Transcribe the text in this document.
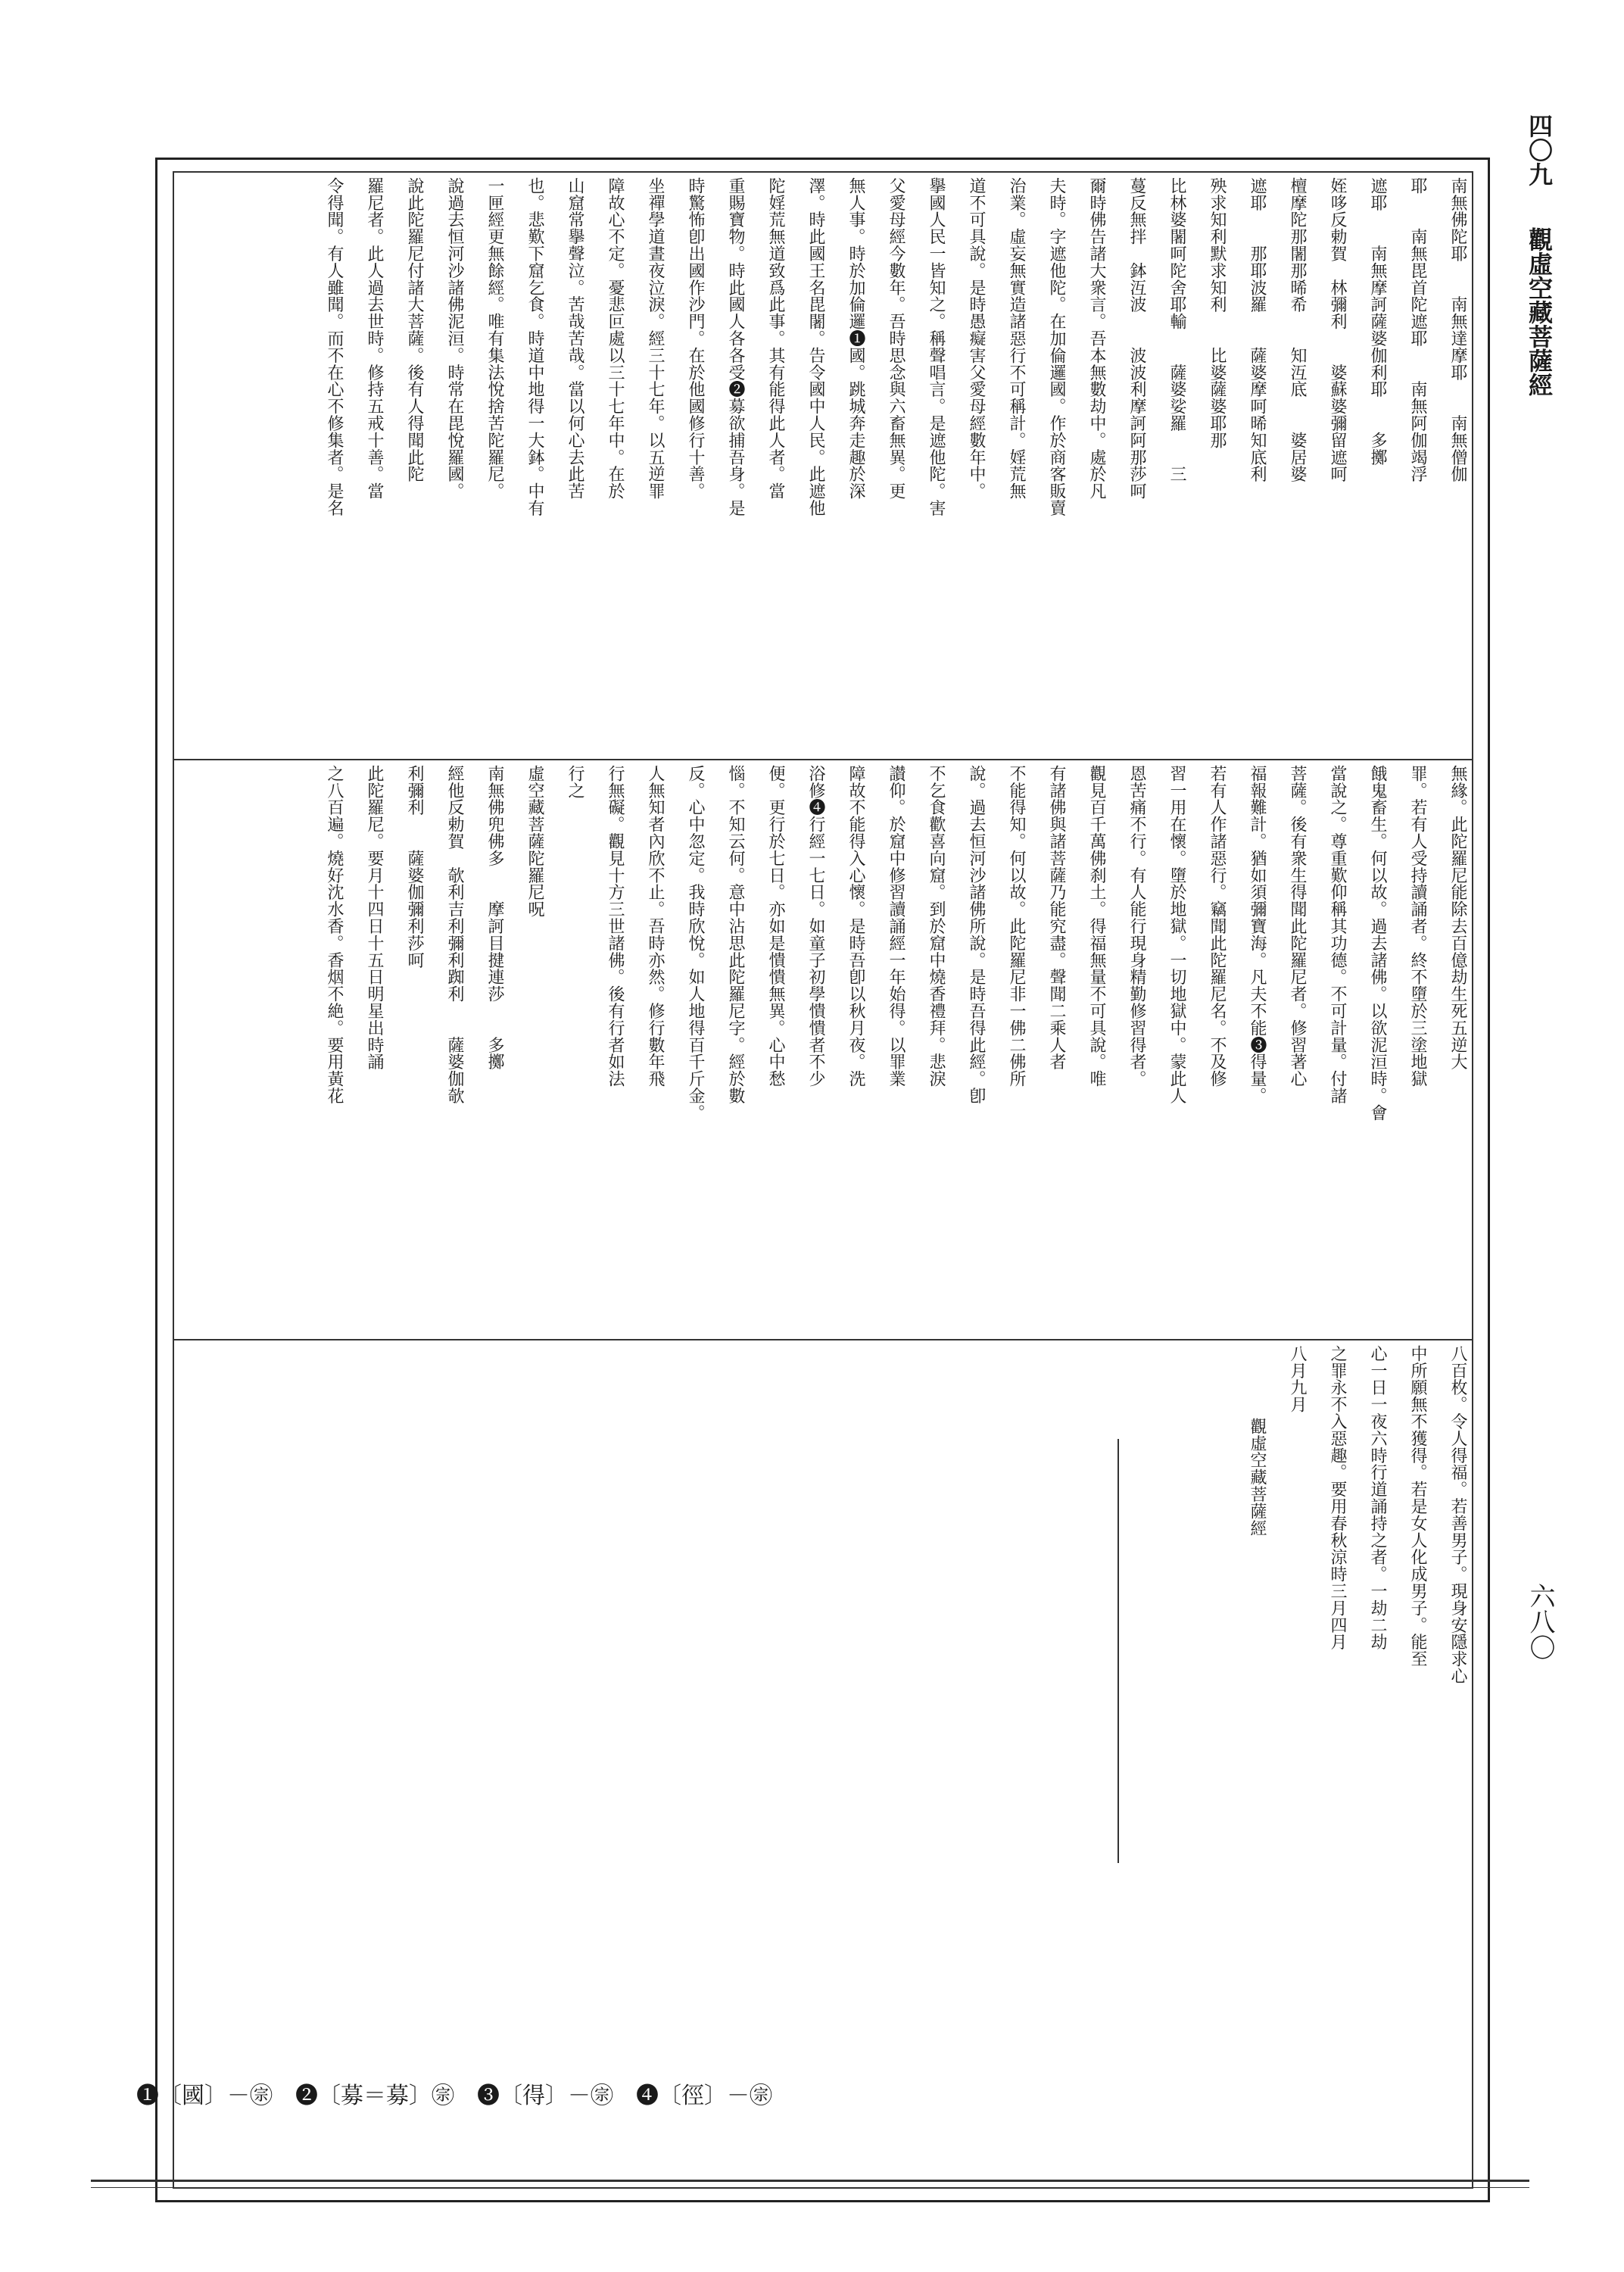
四〇九
觀虛空藏菩薩經
六八〇
南無佛陀耶　　南無達摩耶　　南無僧伽
耶　　南無毘首陀遮耶　　南無阿伽竭浮
遮耶　　南無摩訶薩婆伽利耶　　多擲
姪哆反勅賀　林彌利　　婆蘇婆彌留遮呵
檀摩陀那闍那晞希　　知沍底　　婆居婆
遮耶　　那耶波羅　　薩婆摩呵晞知底利
殃求知利默求知利　　比婆薩婆耶那
比林婆闍呵陀舍耶輸　　薩婆娑羅　　三
蔓反無拌　鉢沍波　　波波利摩訶阿那莎呵
爾時佛告諸大衆言。吾本無數劫中。處於凡
夫時。字遮他陀。在加倫邏國。作於商客販賣
治業。虛妄無實造諸惡行不可稱計。婬荒無
道不可具說。是時愚癡害父愛母經數年中。
擧國人民一皆知之。稱聲唱言。是遮他陀。害
父愛母經今數年。吾時思念與六畜無異。更
無人事。時於加倫邏❶國。跳城奔走趣於深
澤。時此國王名毘闍。告令國中人民。此遮他
陀婬荒無道致爲此事。其有能得此人者。當
重賜寶物。時此國人各各受❷募欲捕吾身。是
時驚怖卽出國作沙門。在於他國修行十善。
坐禪學道晝夜泣淚。經三十七年。以五逆罪
障故心不定。憂悲叵處以三十七年中。在於
山窟常擧聲泣。苦哉苦哉。當以何心去此苦
也。悲歎下窟乞食。時道中地得一大鉢。中有
一匣經更無餘經。唯有集法悅捨苦陀羅尼。
說過去恒河沙諸佛泥洹。時常在毘悅羅國。
說此陀羅尼付諸大菩薩。後有人得聞此陀
羅尼者。此人過去世時。修持五戒十善。當
令得聞。有人雖聞。而不在心不修集者。是名
無緣。此陀羅尼能除去百億劫生死五逆大
罪。若有人受持讀誦者。終不墮於三塗地獄
餓鬼畜生。何以故。過去諸佛。以欲泥洹時。會
當說之。尊重歎仰稱其功德。不可計量。付諸
菩薩。後有衆生得聞此陀羅尼者。修習著心
福報難計。猶如須彌寶海。凡夫不能❸得量。
若有人作諸惡行。竊聞此陀羅尼名。不及修
習一用在懷。墮於地獄。一切地獄中。蒙此人
恩苦痛不行。有人能行現身精勤修習得者。
觀見百千萬佛刹土。得福無量不可具說。唯
有諸佛與諸菩薩乃能究盡。聲聞二乘人者
不能得知。何以故。此陀羅尼非一佛二佛所
說。過去恒河沙諸佛所說。是時吾得此經。卽
不乞食歡喜向窟。到於窟中燒香禮拜。悲淚
讃仰。於窟中修習讀誦經一年始得。以罪業
障故不能得入心懷。是時吾卽以秋月夜。洗
浴修❹行經一七日。如童子初學憒憒者不少
便。更行於七日。亦如是憒憒無異。心中愁
惱。不知云何。意中沾思此陀羅尼字。經於數
反。心中忽定。我時欣悅。如人地得百千斤金。
人無知者內欣不止。吾時亦然。修行數年飛
行無礙。觀見十方三世諸佛。後有行者如法
行之
虛空藏菩薩陀羅尼呪
南無佛兜佛多　　摩訶目揵連莎　　多擲
經他反勅賀　欹利吉利彌利踟利　　薩婆伽欹
利彌利　　薩婆伽彌利莎呵
此陀羅尼。要月十四日十五日明星出時誦
之八百遍。燒好沈水香。香烟不絶。要用黃花
八百枚。令人得福。若善男子。現身安隱求心
中所願無不獲得。若是女人化成男子。能至
心一日一夜六時行道誦持之者。一劫二劫
之罪永不入惡趣。要用春秋涼時三月四月
八月九月
觀虛空藏菩薩經
❶〔國〕－㊪　❷〔募＝募〕㊪　❸〔得〕－㊪　❹〔徑〕－㊪
